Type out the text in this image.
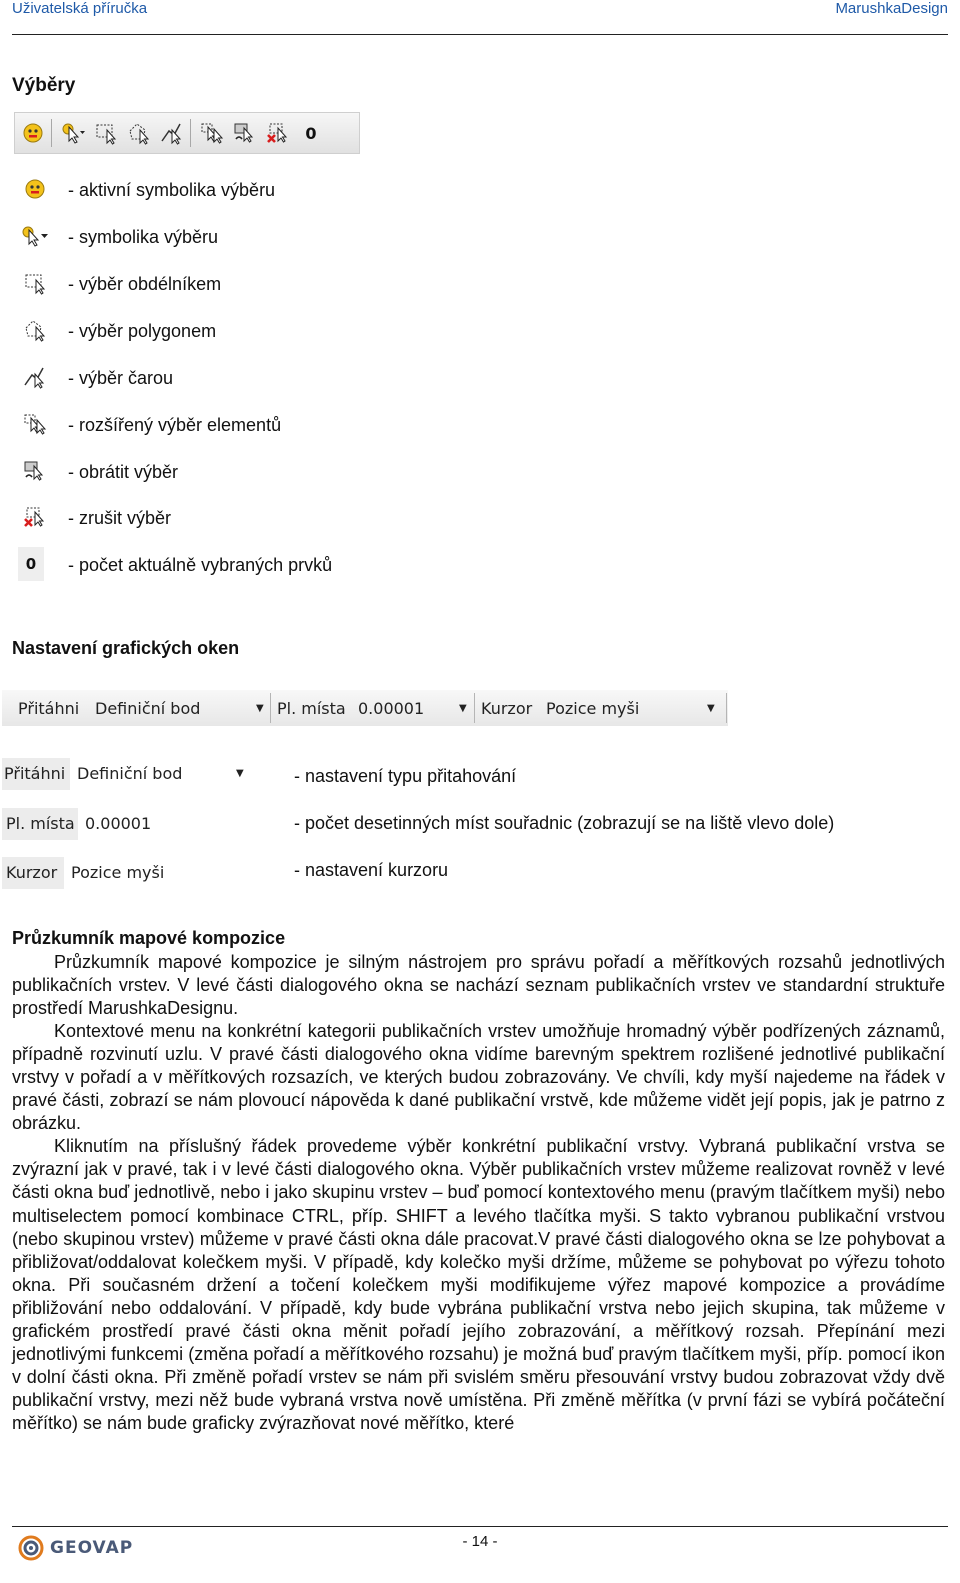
Uživatelská příručka	MarushkaDesign
Výběry
0
- aktivní symbolika výběru
- symbolika výběru
- výběr obdélníkem
- výběr polygonem
- výběr čarou
- rozšířený výběr elementů
- obrátit výběr
- zrušit výběr
0 - počet aktuálně vybraných prvků
Nastavení grafických oken
Přitáhni Definiční bod	▼ Pl. místa 0.00001	▼ Kurzor Pozice myši	▼
Přitáhni Definiční bod	▼	- nastavení typu přitahování
Pl. místa 0.00001	- počet desetinných míst souřadnic (zobrazují se na liště vlevo dole)
Kurzor Pozice myši	- nastavení kurzoru
Průzkumník mapové kompozice

Průzkumník mapové kompozice je silným nástrojem pro správu pořadí a měřítkových rozsahů jednotlivých publikačních vrstev. V levé části dialogového okna se nachází seznam publikačních vrstev ve standardní struktuře prostředí MarushkaDesignu.

Kontextové menu na konkrétní kategorii publikačních vrstev umožňuje hromadný výběr podřízených záznamů, případně rozvinutí uzlu. V pravé části dialogového okna vidíme barevným spektrem rozlišené jednotlivé publikační vrstvy v pořadí a v měřítkových rozsazích, ve kterých budou zobrazovány. Ve chvíli, kdy myší najedeme na řádek v pravé části, zobrazí se nám plovoucí nápověda k dané publikační vrstvě, kde můžeme vidět její popis, jak je patrno z obrázku.

Kliknutím na příslušný řádek provedeme výběr konkrétní publikační vrstvy. Vybraná publikační vrstva se zvýrazní jak v pravé, tak i v levé části dialogového okna. Výběr publikačních vrstev můžeme realizovat rovněž v levé části okna buď jednotlivě, nebo i jako skupinu vrstev – buď pomocí kontextového menu (pravým tlačítkem myši) nebo multiselectem pomocí kombinace CTRL, příp. SHIFT a levého tlačítka myši. S takto vybranou publikační vrstvou (nebo skupinou vrstev) můžeme v pravé části okna dále pracovat.V pravé části dialogového okna se lze pohybovat a přibližovat/oddalovat kolečkem myši. V případě, kdy kolečko myši držíme, můžeme se pohybovat po výřezu tohoto okna. Při současném držení a točení kolečkem myši modifikujeme výřez mapové kompozice a provádíme přibližování nebo oddalování. V případě, kdy bude vybrána publikační vrstva nebo jejich skupina, tak můžeme v grafickém prostředí pravé části okna měnit pořadí jejího zobrazování, a měřítkový rozsah. Přepínání mezi jednotlivými funkcemi (změna pořadí a měřítkového rozsahu) je možná buď pravým tlačítkem myši, příp. pomocí ikon v dolní části okna. Při změně pořadí vrstev se nám při svislém směru přesouvání vrstvy budou zobrazovat vždy dvě publikační vrstvy, mezi něž bude vybraná vrstva nově umístěna. Při změně měřítka (v první fázi se vybírá počáteční měřítko) se nám bude graficky zvýrazňovat nové měřítko, které

GEOVAP	- 14 -
